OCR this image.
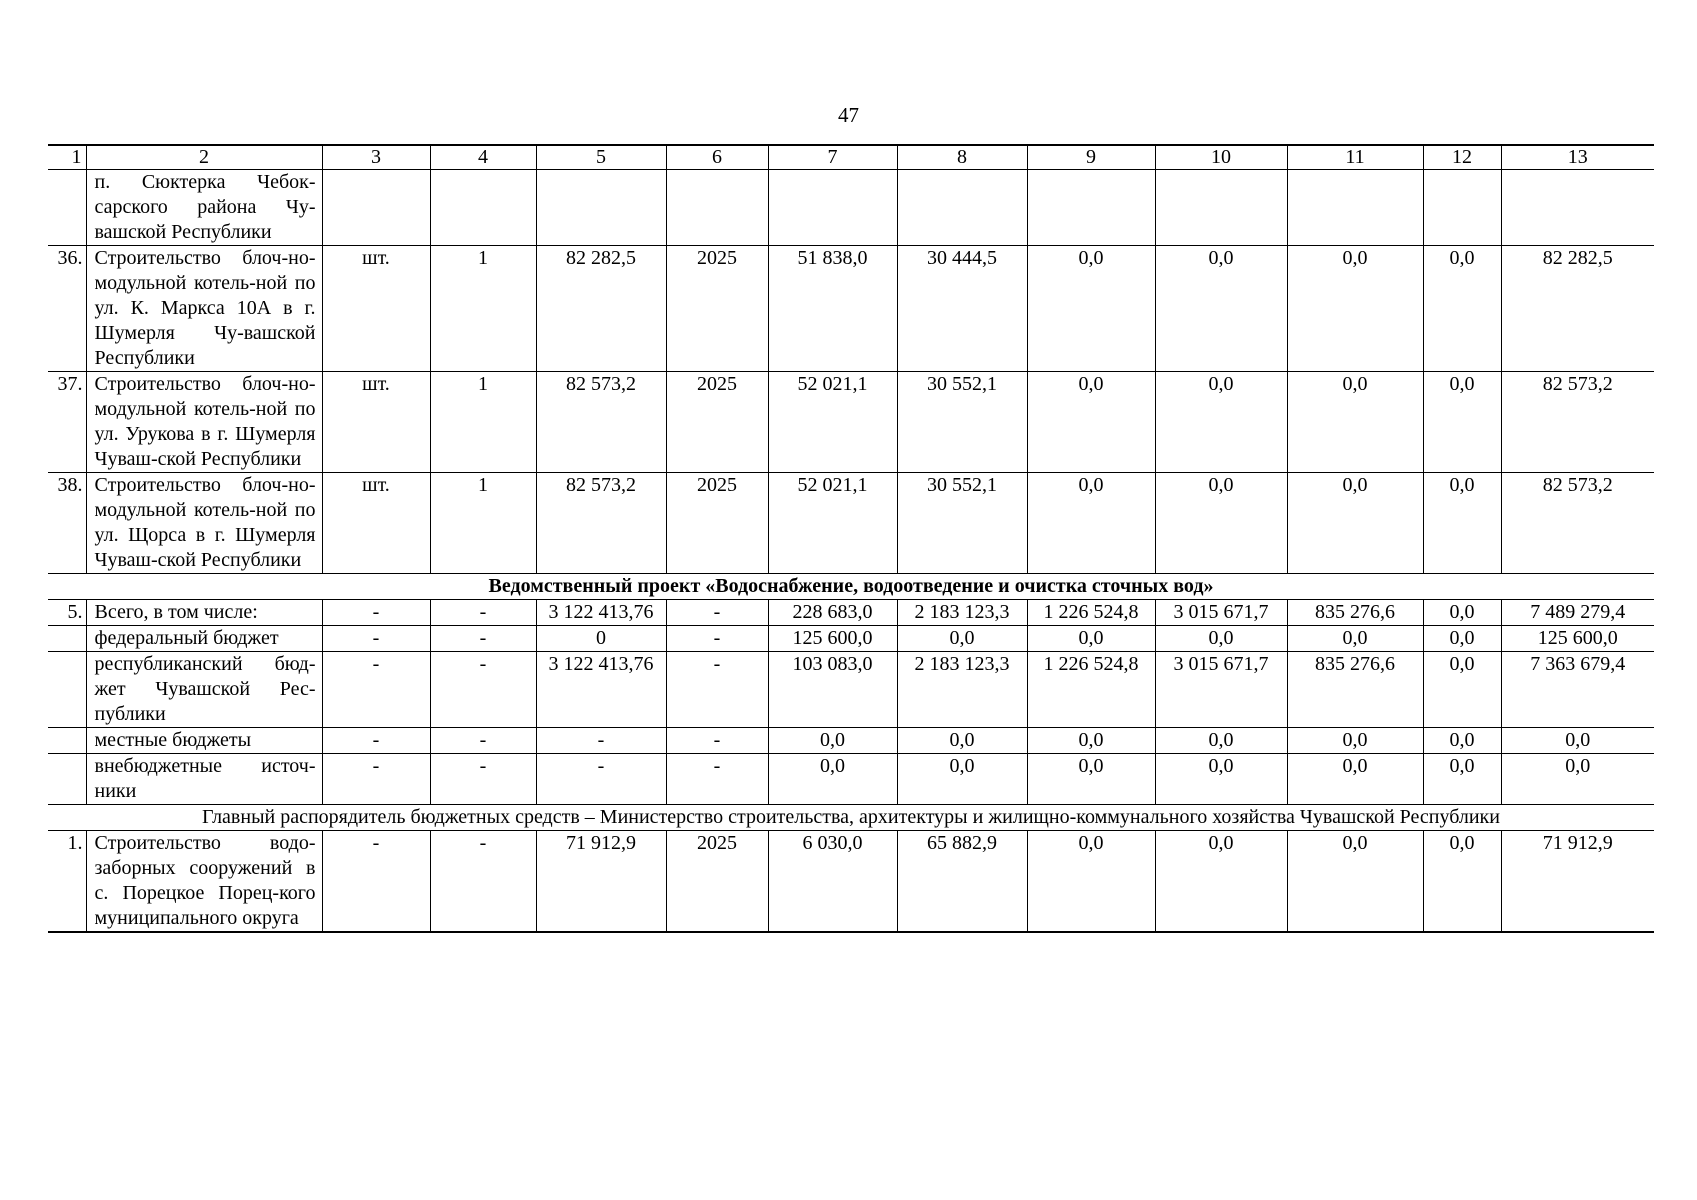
47
1	2	3	4	5	6	7	8	9	10	11	12	13
	п. Сюктерка Чебок-сарского района Чу-вашской Республики											
36.	Строительство блоч-но-модульной котель-ной по ул. К. Маркса 10А в г. Шумерля Чу-вашской Республики	шт.	1	82 282,5	2025	51 838,0	30 444,5	0,0	0,0	0,0	0,0	82 282,5
37.	Строительство блоч-но-модульной котель-ной по ул. Урукова в г. Шумерля Чуваш-ской Республики	шт.	1	82 573,2	2025	52 021,1	30 552,1	0,0	0,0	0,0	0,0	82 573,2
38.	Строительство блоч-но-модульной котель-ной по ул. Щорса в г. Шумерля Чуваш-ской Республики	шт.	1	82 573,2	2025	52 021,1	30 552,1	0,0	0,0	0,0	0,0	82 573,2
Ведомственный проект «Водоснабжение, водоотведение и очистка сточных вод»												
5.	Всего, в том числе:	-	-	3 122 413,76	-	228 683,0	2 183 123,3	1 226 524,8	3 015 671,7	835 276,6	0,0	7 489 279,4
	федеральный бюджет	-	-	0	-	125 600,0	0,0	0,0	0,0	0,0	0,0	125 600,0
	республиканский бюд-жет Чувашской Рес-публики	-	-	3 122 413,76	-	103 083,0	2 183 123,3	1 226 524,8	3 015 671,7	835 276,6	0,0	7 363 679,4
	местные бюджеты	-	-	-	-	0,0	0,0	0,0	0,0	0,0	0,0	0,0
	внебюджетные источ-ники	-	-	-	-	0,0	0,0	0,0	0,0	0,0	0,0	0,0
Главный распорядитель бюджетных средств – Министерство строительства, архитектуры и жилищно-коммунального хозяйства Чувашской Республики												
1.	Строительство водо-заборных сооружений в с. Порецкое Порец-кого муниципального округа	-	-	71 912,9	2025	6 030,0	65 882,9	0,0	0,0	0,0	0,0	71 912,9
